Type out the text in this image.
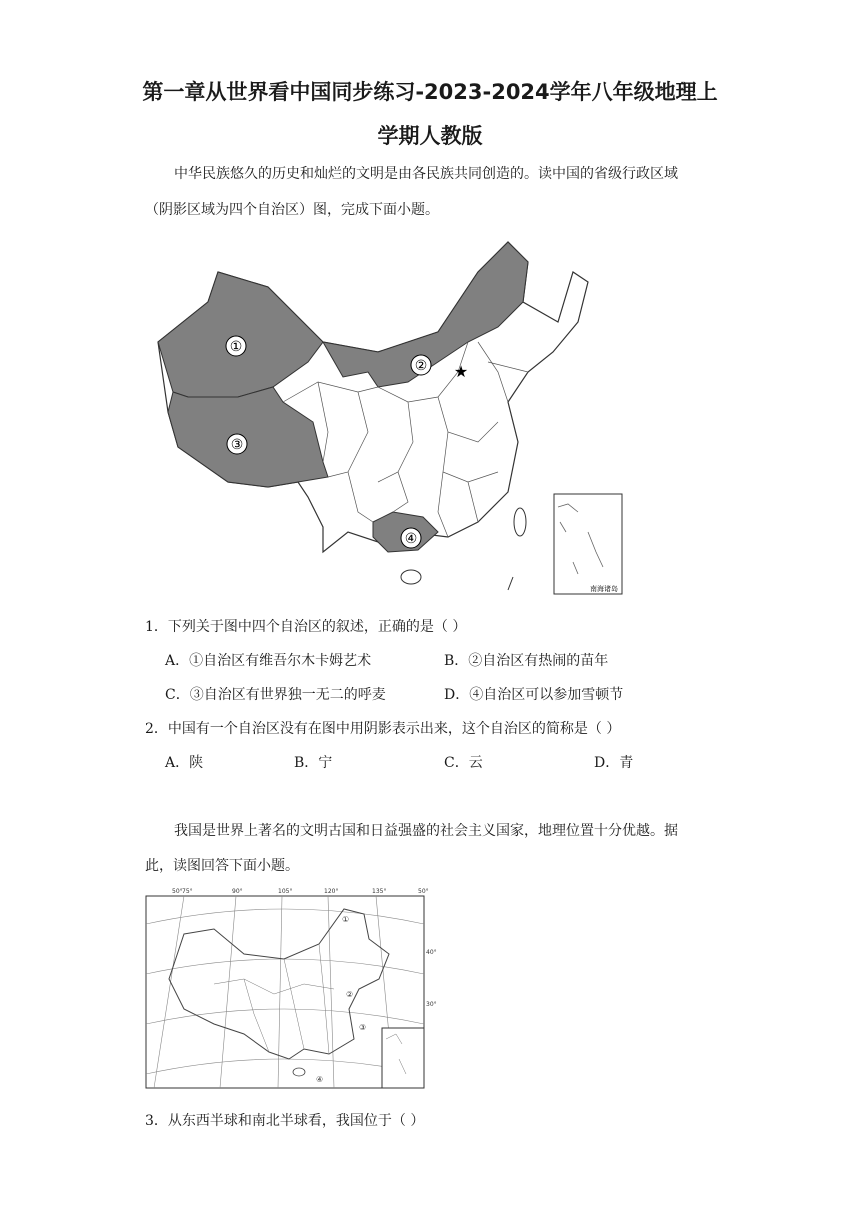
第一章从世界看中国同步练习-2023-2024学年八年级地理上
学期人教版
中华民族悠久的历史和灿烂的文明是由各民族共同创造的。读中国的省级行政区域
（阴影区域为四个自治区）图，完成下面小题。
★
①
②
③
④
南海诸岛
1．下列关于图中四个自治区的叙述，正确的是（ ）
A．①自治区有维吾尔木卡姆艺术	B．②自治区有热闹的苗年
C．③自治区有世界独一无二的呼麦	D．④自治区可以参加雪顿节
2．中国有一个自治区没有在图中用阴影表示出来，这个自治区的简称是（ ）
A．陕	B．宁	C．云	D．青
我国是世界上著名的文明古国和日益强盛的社会主义国家，地理位置十分优越。据
此，读图回答下面小题。
50° 75°	90°	105°	120°	135°	50°
40°
30°
①
②
③
④
3．从东西半球和南北半球看，我国位于（ ）
